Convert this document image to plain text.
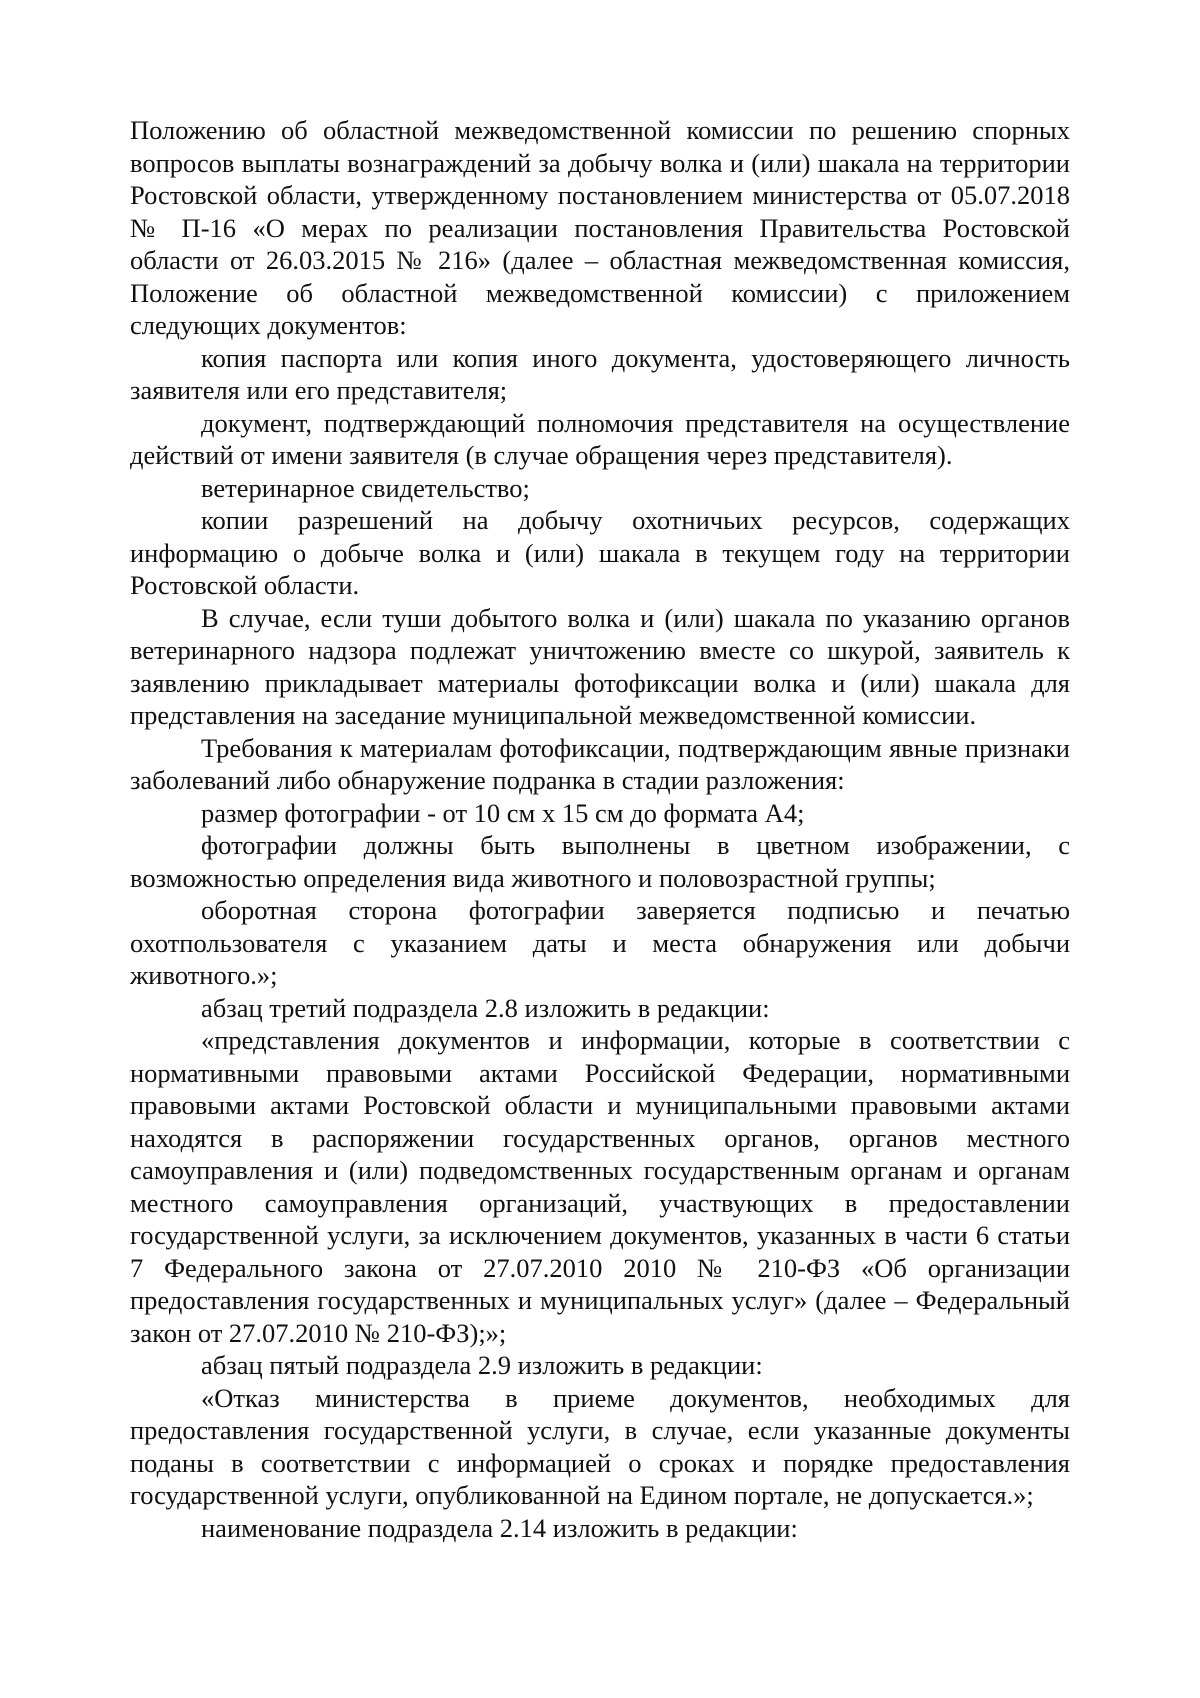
Положению об областной межведомственной комиссии по решению спорных вопросов выплаты вознаграждений за добычу волка и (или) шакала на территории Ростовской области, утвержденному постановлением министерства от 05.07.2018 № П-16 «О мерах по реализации постановления Правительства Ростовской области от 26.03.2015 № 216» (далее – областная межведомственная комиссия, Положение об областной межведомственной комиссии) с приложением следующих документов:

копия паспорта или копия иного документа, удостоверяющего личность заявителя или его представителя;

документ, подтверждающий полномочия представителя на осуществление действий от имени заявителя (в случае обращения через представителя).

ветеринарное свидетельство;

копии разрешений на добычу охотничьих ресурсов, содержащих информацию о добыче волка и (или) шакала в текущем году на территории Ростовской области.

В случае, если туши добытого волка и (или) шакала по указанию органов ветеринарного надзора подлежат уничтожению вместе со шкурой, заявитель к заявлению прикладывает материалы фотофиксации волка и (или) шакала для представления на заседание муниципальной межведомственной комиссии.

Требования к материалам фотофиксации, подтверждающим явные признаки заболеваний либо обнаружение подранка в стадии разложения:

размер фотографии - от 10 см х 15 см до формата А4;

фотографии должны быть выполнены в цветном изображении, с возможностью определения вида животного и половозрастной группы;

оборотная сторона фотографии заверяется подписью и печатью охотпользователя с указанием даты и места обнаружения или добычи животного.»;

абзац третий подраздела 2.8 изложить в редакции:

«представления документов и информации, которые в соответствии с нормативными правовыми актами Российской Федерации, нормативными правовыми актами Ростовской области и муниципальными правовыми актами находятся в распоряжении государственных органов, органов местного самоуправления и (или) подведомственных государственным органам и органам местного самоуправления организаций, участвующих в предоставлении государственной услуги, за исключением документов, указанных в части 6 статьи 7 Федерального закона от 27.07.2010 2010 № 210-ФЗ «Об организации предоставления государственных и муниципальных услуг» (далее – Федеральный закон от 27.07.2010 № 210-ФЗ);»;

абзац пятый подраздела 2.9 изложить в редакции:

«Отказ министерства в приеме документов, необходимых для предоставления государственной услуги, в случае, если указанные документы поданы в соответствии с информацией о сроках и порядке предоставления государственной услуги, опубликованной на Едином портале, не допускается.»;

наименование подраздела 2.14 изложить в редакции:
